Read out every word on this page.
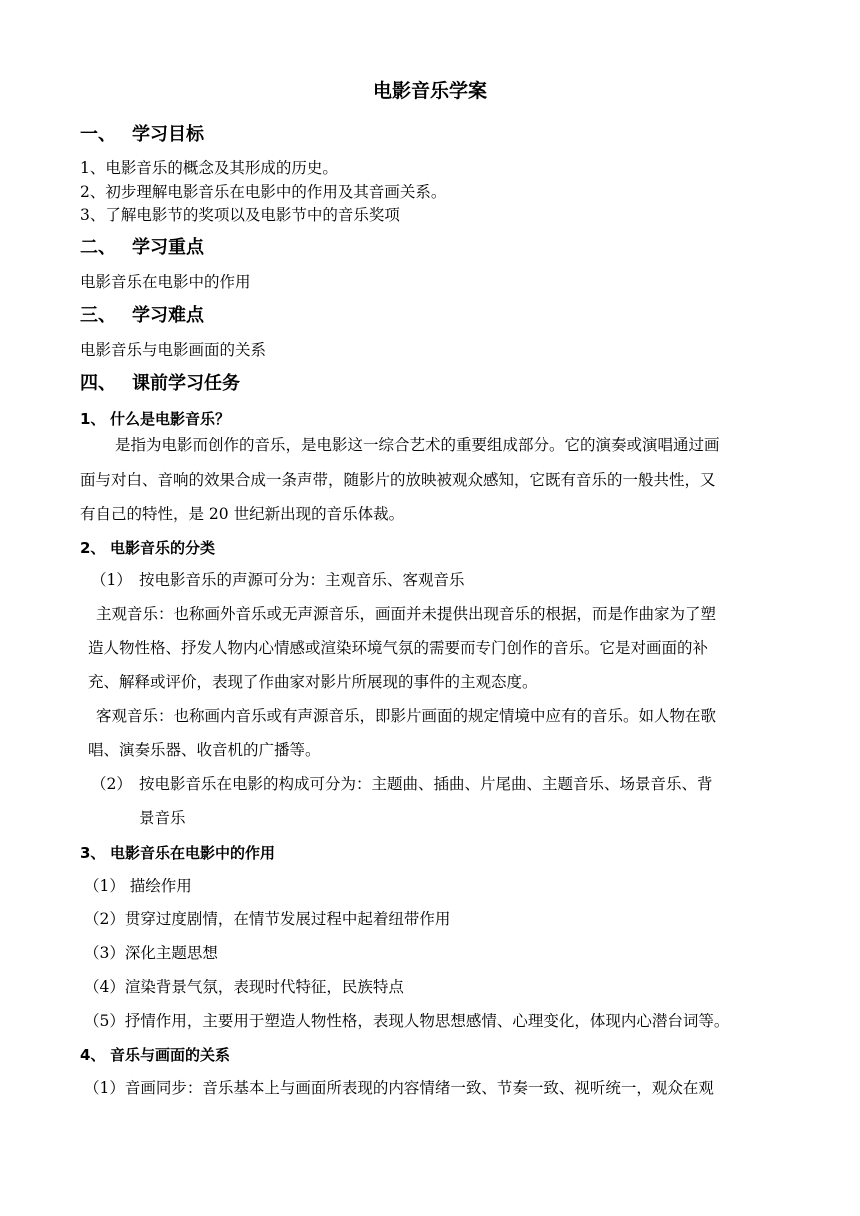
电影音乐学案
一、 学习目标
1、电影音乐的概念及其形成的历史。
2、初步理解电影音乐在电影中的作用及其音画关系。
3、了解电影节的奖项以及电影节中的音乐奖项
二、 学习重点
电影音乐在电影中的作用
三、 学习难点
电影音乐与电影画面的关系
四、 课前学习任务
1、 什么是电影音乐？
是指为电影而创作的音乐，是电影这一综合艺术的重要组成部分。它的演奏或演唱通过画
面与对白、音响的效果合成一条声带，随影片的放映被观众感知，它既有音乐的一般共性，又
有自己的特性，是 20 世纪新出现的音乐体裁。
2、 电影音乐的分类
（1） 按电影音乐的声源可分为：主观音乐、客观音乐
主观音乐：也称画外音乐或无声源音乐，画面并未提供出现音乐的根据，而是作曲家为了塑
造人物性格、抒发人物内心情感或渲染环境气氛的需要而专门创作的音乐。它是对画面的补
充、解释或评价，表现了作曲家对影片所展现的事件的主观态度。
客观音乐：也称画内音乐或有声源音乐，即影片画面的规定情境中应有的音乐。如人物在歌
唱、演奏乐器、收音机的广播等。
（2） 按电影音乐在电影的构成可分为：主题曲、插曲、片尾曲、主题音乐、场景音乐、背
景音乐
3、 电影音乐在电影中的作用
（1） 描绘作用
（2）贯穿过度剧情，在情节发展过程中起着纽带作用
（3）深化主题思想
（4）渲染背景气氛，表现时代特征，民族特点
（5）抒情作用，主要用于塑造人物性格，表现人物思想感情、心理变化，体现内心潜台词等。
4、 音乐与画面的关系
（1）音画同步：音乐基本上与画面所表现的内容情绪一致、节奏一致、视听统一，观众在观
